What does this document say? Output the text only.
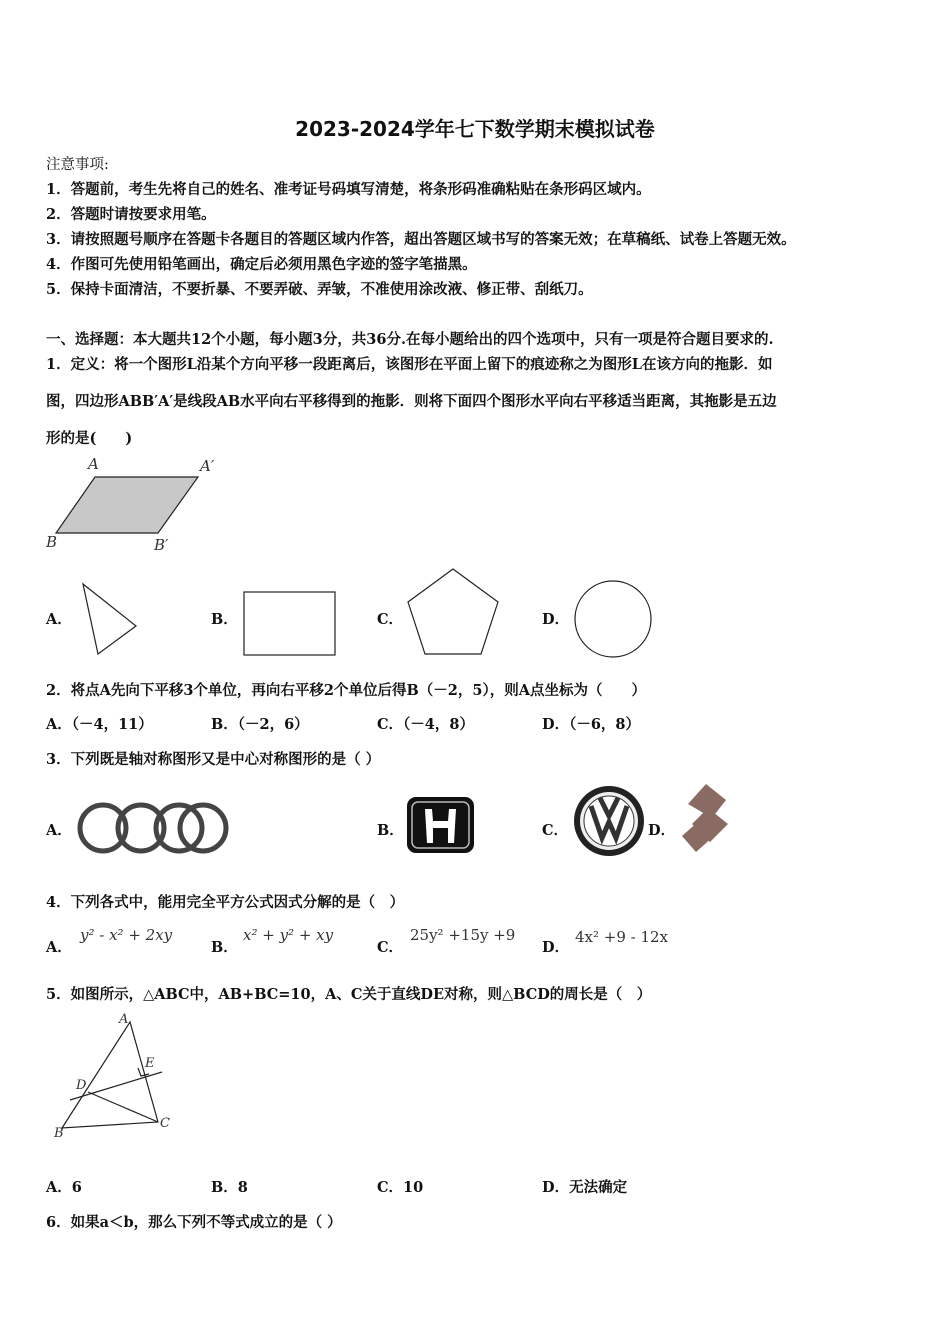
2023-2024学年七下数学期末模拟试卷
注意事项:
1．答题前，考生先将自己的姓名、准考证号码填写清楚，将条形码准确粘贴在条形码区域内。
2．答题时请按要求用笔。
3．请按照题号顺序在答题卡各题目的答题区域内作答，超出答题区域书写的答案无效；在草稿纸、试卷上答题无效。
4．作图可先使用铅笔画出，确定后必须用黑色字迹的签字笔描黑。
5．保持卡面清洁，不要折暴、不要弄破、弄皱，不准使用涂改液、修正带、刮纸刀。
一、选择题：本大题共12个小题，每小题3分，共36分.在每小题给出的四个选项中，只有一项是符合题目要求的.
1．定义：将一个图形L沿某个方向平移一段距离后，该图形在平面上留下的痕迹称之为图形L在该方向的拖影．如
图，四边形ABB′A′是线段AB水平向右平移得到的拖影．则将下面四个图形水平向右平移适当距离，其拖影是五边
形的是(　　)
A	A′
B	B′
A．	B．	C．	D．
2．将点A先向下平移3个单位，再向右平移2个单位后得B（－2，5），则A点坐标为（　　）
A．（－4，11）	B．（－2，6）	C．（－4，8）	D．（－6，8）
3．下列既是轴对称图形又是中心对称图形的是（ ）
A．	B．	C．	D．
4．下列各式中，能用完全平方公式因式分解的是（　）
A．
y² - x² + 2xy
B．
x² + y² + xy
C．
25y² +15y +9
D．
4x² +9 - 12x
5．如图所示，△ABC中，AB+BC=10，A、C关于直线DE对称，则△BCD的周长是（　）
A
E
D
B
C
A．6	B．8	C．10	D．无法确定
6．如果a＜b，那么下列不等式成立的是（ ）
